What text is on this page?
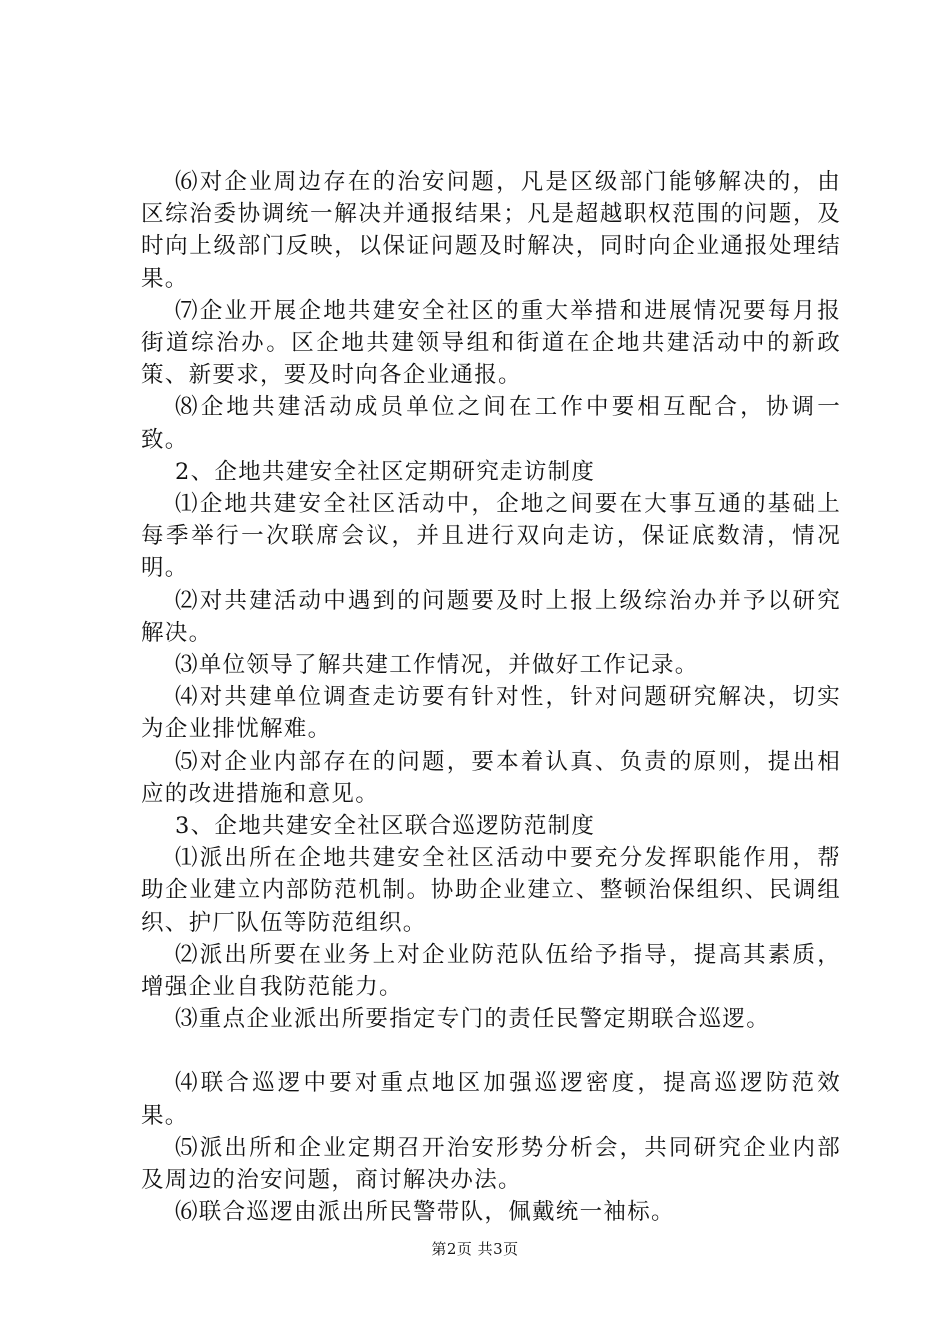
⑹对企业周边存在的治安问题，凡是区级部门能够解决的，由区综治委协调统一解决并通报结果；凡是超越职权范围的问题，及时向上级部门反映，以保证问题及时解决，同时向企业通报处理结果。

⑺企业开展企地共建安全社区的重大举措和进展情况要每月报街道综治办。区企地共建领导组和街道在企地共建活动中的新政策、新要求，要及时向各企业通报。

⑻企地共建活动成员单位之间在工作中要相互配合，协调一致。

2、企地共建安全社区定期研究走访制度

⑴企地共建安全社区活动中，企地之间要在大事互通的基础上每季举行一次联席会议，并且进行双向走访，保证底数清，情况明。

⑵对共建活动中遇到的问题要及时上报上级综治办并予以研究解决。

⑶单位领导了解共建工作情况，并做好工作记录。

⑷对共建单位调查走访要有针对性，针对问题研究解决，切实为企业排忧解难。

⑸对企业内部存在的问题，要本着认真、负责的原则，提出相应的改进措施和意见。

3、企地共建安全社区联合巡逻防范制度

⑴派出所在企地共建安全社区活动中要充分发挥职能作用，帮助企业建立内部防范机制。协助企业建立、整顿治保组织、民调组织、护厂队伍等防范组织。

⑵派出所要在业务上对企业防范队伍给予指导，提高其素质，增强企业自我防范能力。

⑶重点企业派出所要指定专门的责任民警定期联合巡逻。

⑷联合巡逻中要对重点地区加强巡逻密度，提高巡逻防范效果。

⑸派出所和企业定期召开治安形势分析会，共同研究企业内部及周边的治安问题，商讨解决办法。

⑹联合巡逻由派出所民警带队，佩戴统一袖标。

第2页 共3页
